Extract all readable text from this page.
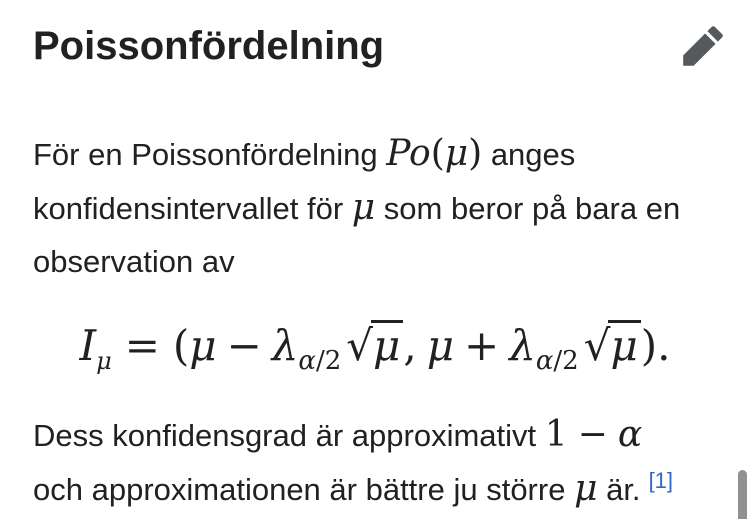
Poissonfördelning

För en Poissonfördelning Po(μ) anges
konfidensintervallet för μ som beror på bara en
observation av

$I_\mu = (\mu - \lambda_{\alpha/2}$ √μ, $\mu + \lambda_{\alpha/2}$ √μ).

Dess konfidensgrad är approximativt 1 − α
och approximationen är bättre ju större μ är. [1]
